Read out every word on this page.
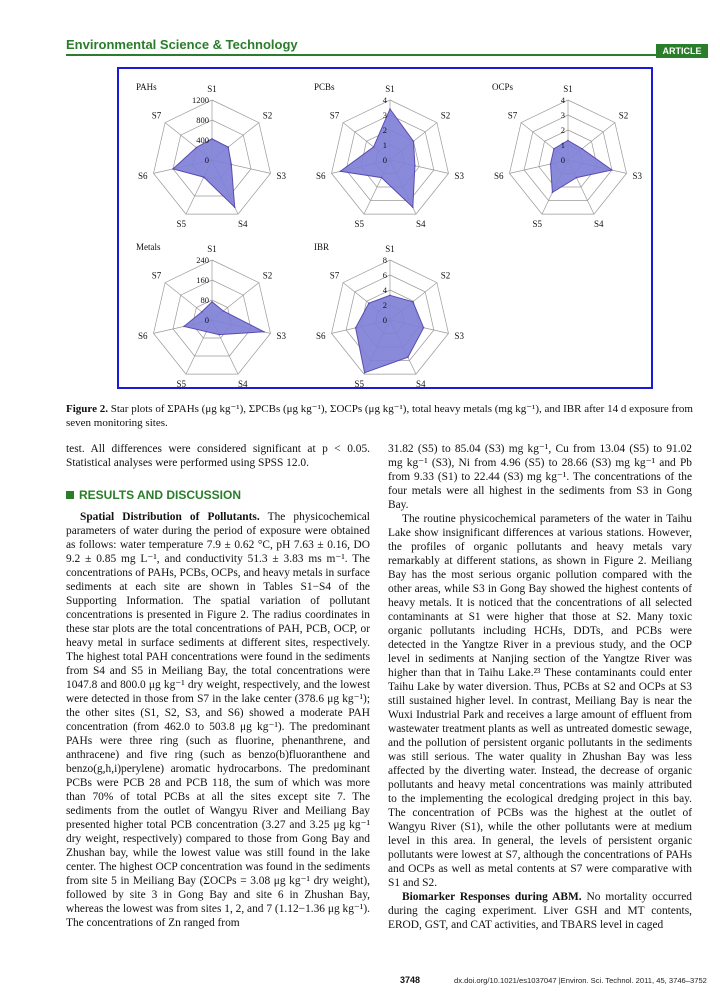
Environmental Science & Technology	ARTICLE
1200
800
400
0
S1
S2
S3
S4
S5
S6
S7
PAHs
4
3
2
1
0
S1
S2
S3
S4
S5
S6
S7
PCBs
4
3
2
1
0
S1
S2
S3
S4
S5
S6
S7
OCPs
240
160
80
0
S1
S2
S3
S4
S5
S6
S7
Metals
8
6
4
2
0
S1
S2
S3
S4
S5
S6
S7
IBR
Figure 2. Star plots of ΣPAHs (μg kg⁻¹), ΣPCBs (μg kg⁻¹), ΣOCPs (μg kg⁻¹), total heavy metals (mg kg⁻¹), and IBR after 14 d exposure from seven monitoring sites.

test. All differences were considered significant at p < 0.05. Statistical analyses were performed using SPSS 12.0.

RESULTS AND DISCUSSION

Spatial Distribution of Pollutants. The physicochemical parameters of water during the period of exposure were obtained as follows: water temperature 7.9 ± 0.62 °C, pH 7.63 ± 0.16, DO 9.2 ± 0.85 mg L⁻¹, and conductivity 51.3 ± 3.83 ms m⁻¹. The concentrations of PAHs, PCBs, OCPs, and heavy metals in surface sediments at each site are shown in Tables S1−S4 of the Supporting Information. The spatial variation of pollutant concentrations is presented in Figure 2. The radius coordinates in these star plots are the total concentrations of PAH, PCB, OCP, or heavy metal in surface sediments at different sites, respectively. The highest total PAH concentrations were found in the sediments from S4 and S5 in Meiliang Bay, the total concentrations were 1047.8 and 800.0 μg kg⁻¹ dry weight, respectively, and the lowest were detected in those from S7 in the lake center (378.6 μg kg⁻¹); the other sites (S1, S2, S3, and S6) showed a moderate PAH concentration (from 462.0 to 503.8 μg kg⁻¹). The predominant PAHs were three ring (such as fluorine, phenanthrene, and anthracene) and five ring (such as benzo(b)fluoranthene and benzo(g,h,i)perylene) aromatic hydrocarbons. The predominant PCBs were PCB 28 and PCB 118, the sum of which was more than 70% of total PCBs at all the sites except site 7. The sediments from the outlet of Wangyu River and Meiliang Bay presented higher total PCB concentration (3.27 and 3.25 μg kg⁻¹ dry weight, respectively) compared to those from Gong Bay and Zhushan bay, while the lowest value was still found in the lake center. The highest OCP concentration was found in the sediments from site 5 in Meiliang Bay (ΣOCPs = 3.08 μg kg⁻¹ dry weight), followed by site 3 in Gong Bay and site 6 in Zhushan Bay, whereas the lowest was from sites 1, 2, and 7 (1.12−1.36 μg kg⁻¹). The concentrations of Zn ranged from

31.82 (S5) to 85.04 (S3) mg kg⁻¹, Cu from 13.04 (S5) to 91.02 mg kg⁻¹ (S3), Ni from 4.96 (S5) to 28.66 (S3) mg kg⁻¹ and Pb from 9.33 (S1) to 22.44 (S3) mg kg⁻¹. The concentrations of the four metals were all highest in the sediments from S3 in Gong Bay.

The routine physicochemical parameters of the water in Taihu Lake show insignificant differences at various stations. However, the profiles of organic pollutants and heavy metals vary remarkably at different stations, as shown in Figure 2. Meiliang Bay has the most serious organic pollution compared with the other areas, while S3 in Gong Bay showed the highest contents of heavy metals. It is noticed that the concentrations of all selected contaminants at S1 were higher that those at S2. Many toxic organic pollutants including HCHs, DDTs, and PCBs were detected in the Yangtze River in a previous study, and the OCP level in sediments at Nanjing section of the Yangtze River was higher than that in Taihu Lake.²³ These contaminants could enter Taihu Lake by water diversion. Thus, PCBs at S2 and OCPs at S3 still sustained higher level. In contrast, Meiliang Bay is near the Wuxi Industrial Park and receives a large amount of effluent from wastewater treatment plants as well as untreated domestic sewage, and the pollution of persistent organic pollutants in the sediments was still serious. The water quality in Zhushan Bay was less affected by the diverting water. Instead, the decrease of organic pollutants and heavy metal concentrations was mainly attributed to the implementing the ecological dredging project in this bay. The concentration of PCBs was the highest at the outlet of Wangyu River (S1), while the other pollutants were at medium level in this area. In general, the levels of persistent organic pollutants were lowest at S7, although the concentrations of PAHs and OCPs as well as metal contents at S7 were comparative with S1 and S2.

Biomarker Responses during ABM. No mortality occurred during the caging experiment. Liver GSH and MT contents, EROD, GST, and CAT activities, and TBARS level in caged

3748	dx.doi.org/10.1021/es1037047 |Environ. Sci. Technol. 2011, 45, 3746–3752
